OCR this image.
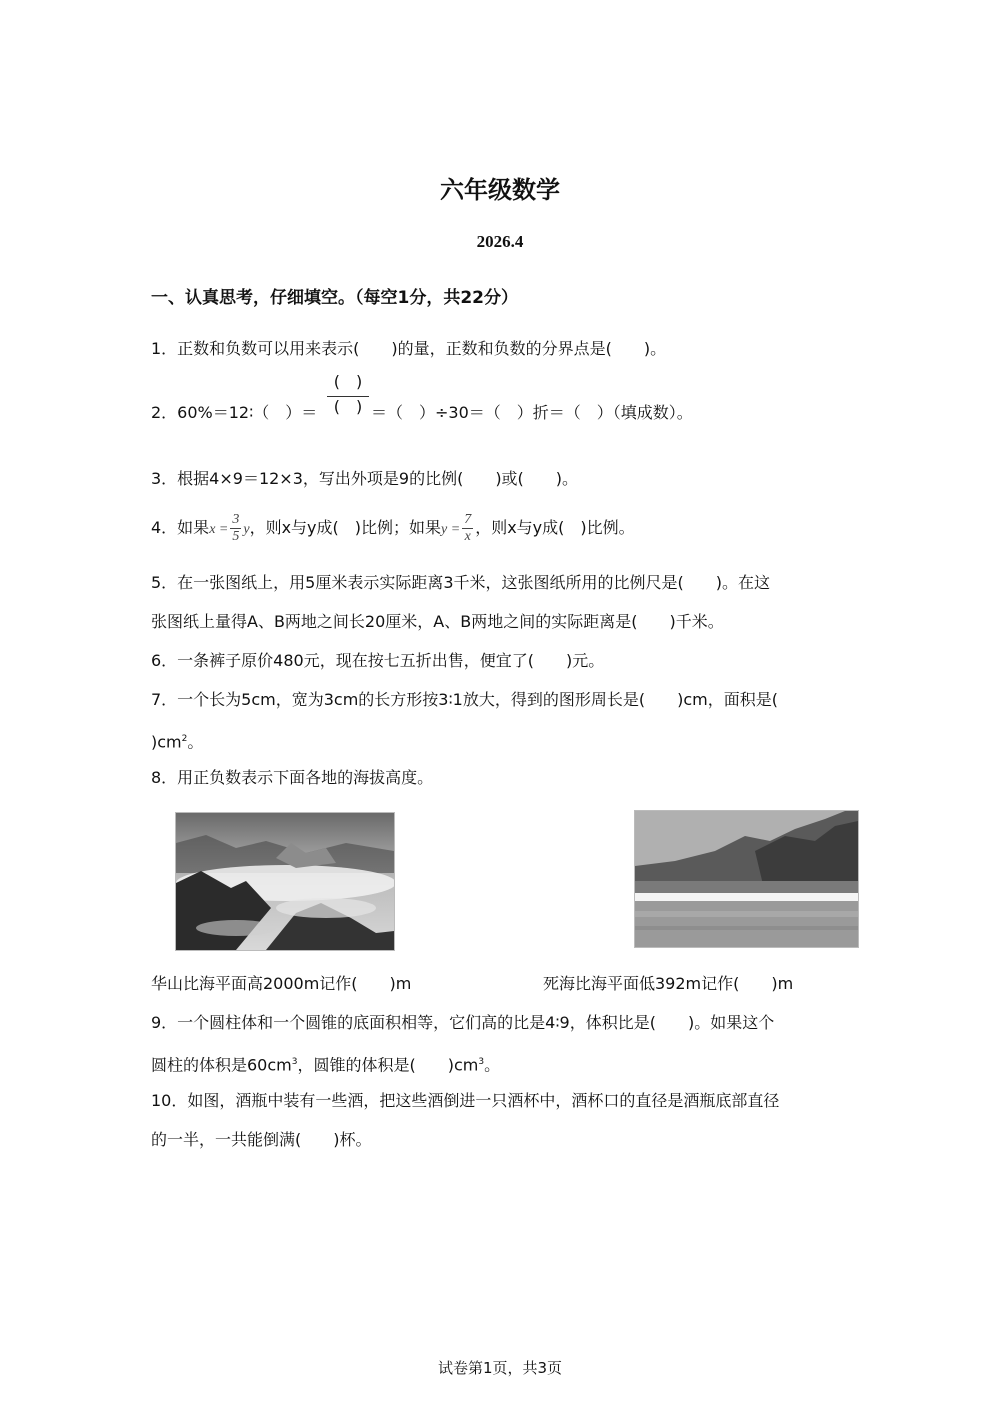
六年级数学
2026.4
一、认真思考，仔细填空。（每空1分，共22分）
1．正数和负数可以用来表示(　　)的量，正数和负数的分界点是(　　)。
2．60%＝12∶（　）＝
(　)
(　) ＝（　）÷30＝（　）折＝（　）（填成数）。
3．根据4×9＝12×3，写出外项是9的比例(　　)或(　　)。
4．如果$x = \frac{3}{5}$ y，则x与y成(　)比例；如果$y = \frac{7}{x}$ ，则x与y成(　)比例。
5．在一张图纸上，用5厘米表示实际距离3千米，这张图纸所用的比例尺是(　　)。在这
张图纸上量得A、B两地之间长20厘米，A、B两地之间的实际距离是(　　)千米。
6．一条裤子原价480元，现在按七五折出售，便宜了(　　)元。
7．一个长为5cm，宽为3cm的长方形按3∶1放大，得到的图形周长是(　　)cm，面积是(
)$cm^2$。
8．用正负数表示下面各地的海拔高度。
华山比海平面高2000m记作(　　)m	死海比海平面低392m记作(　　)m
9．一个圆柱体和一个圆锥的底面积相等，它们高的比是4∶9，体积比是(　　)。如果这个
圆柱的体积是$60cm^3$，圆锥的体积是(　　)$cm^3$。
10．如图，酒瓶中装有一些酒，把这些酒倒进一只酒杯中，酒杯口的直径是酒瓶底部直径
的一半，一共能倒满(　　)杯。
试卷第1页，共3页
